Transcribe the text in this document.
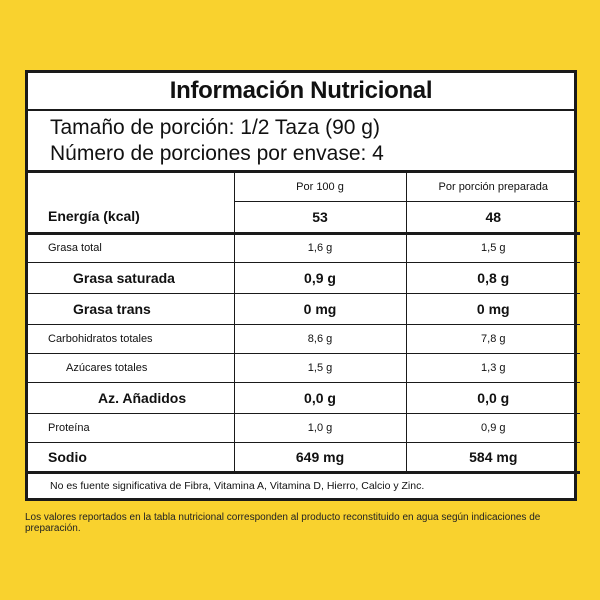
Información Nutricional
Tamaño de porción: 1/2 Taza (90 g)
Número de porciones por envase: 4
	Por 100 g	Por porción preparada
Energía (kcal)	53	48
Grasa total	1,6 g	1,5 g
Grasa saturada	0,9 g	0,8 g
Grasa trans	0 mg	0 mg
Carbohidratos totales	8,6 g	7,8 g
Azúcares totales	1,5 g	1,3 g
Az. Añadidos	0,0 g	0,0 g
Proteína	1,0 g	0,9 g
Sodio	649 mg	584 mg
No es fuente significativa de Fibra, Vitamina A, Vitamina D, Hierro, Calcio y Zinc.
Los valores reportados en la tabla nutricional corresponden al producto reconstituido en agua según indicaciones de preparación.
